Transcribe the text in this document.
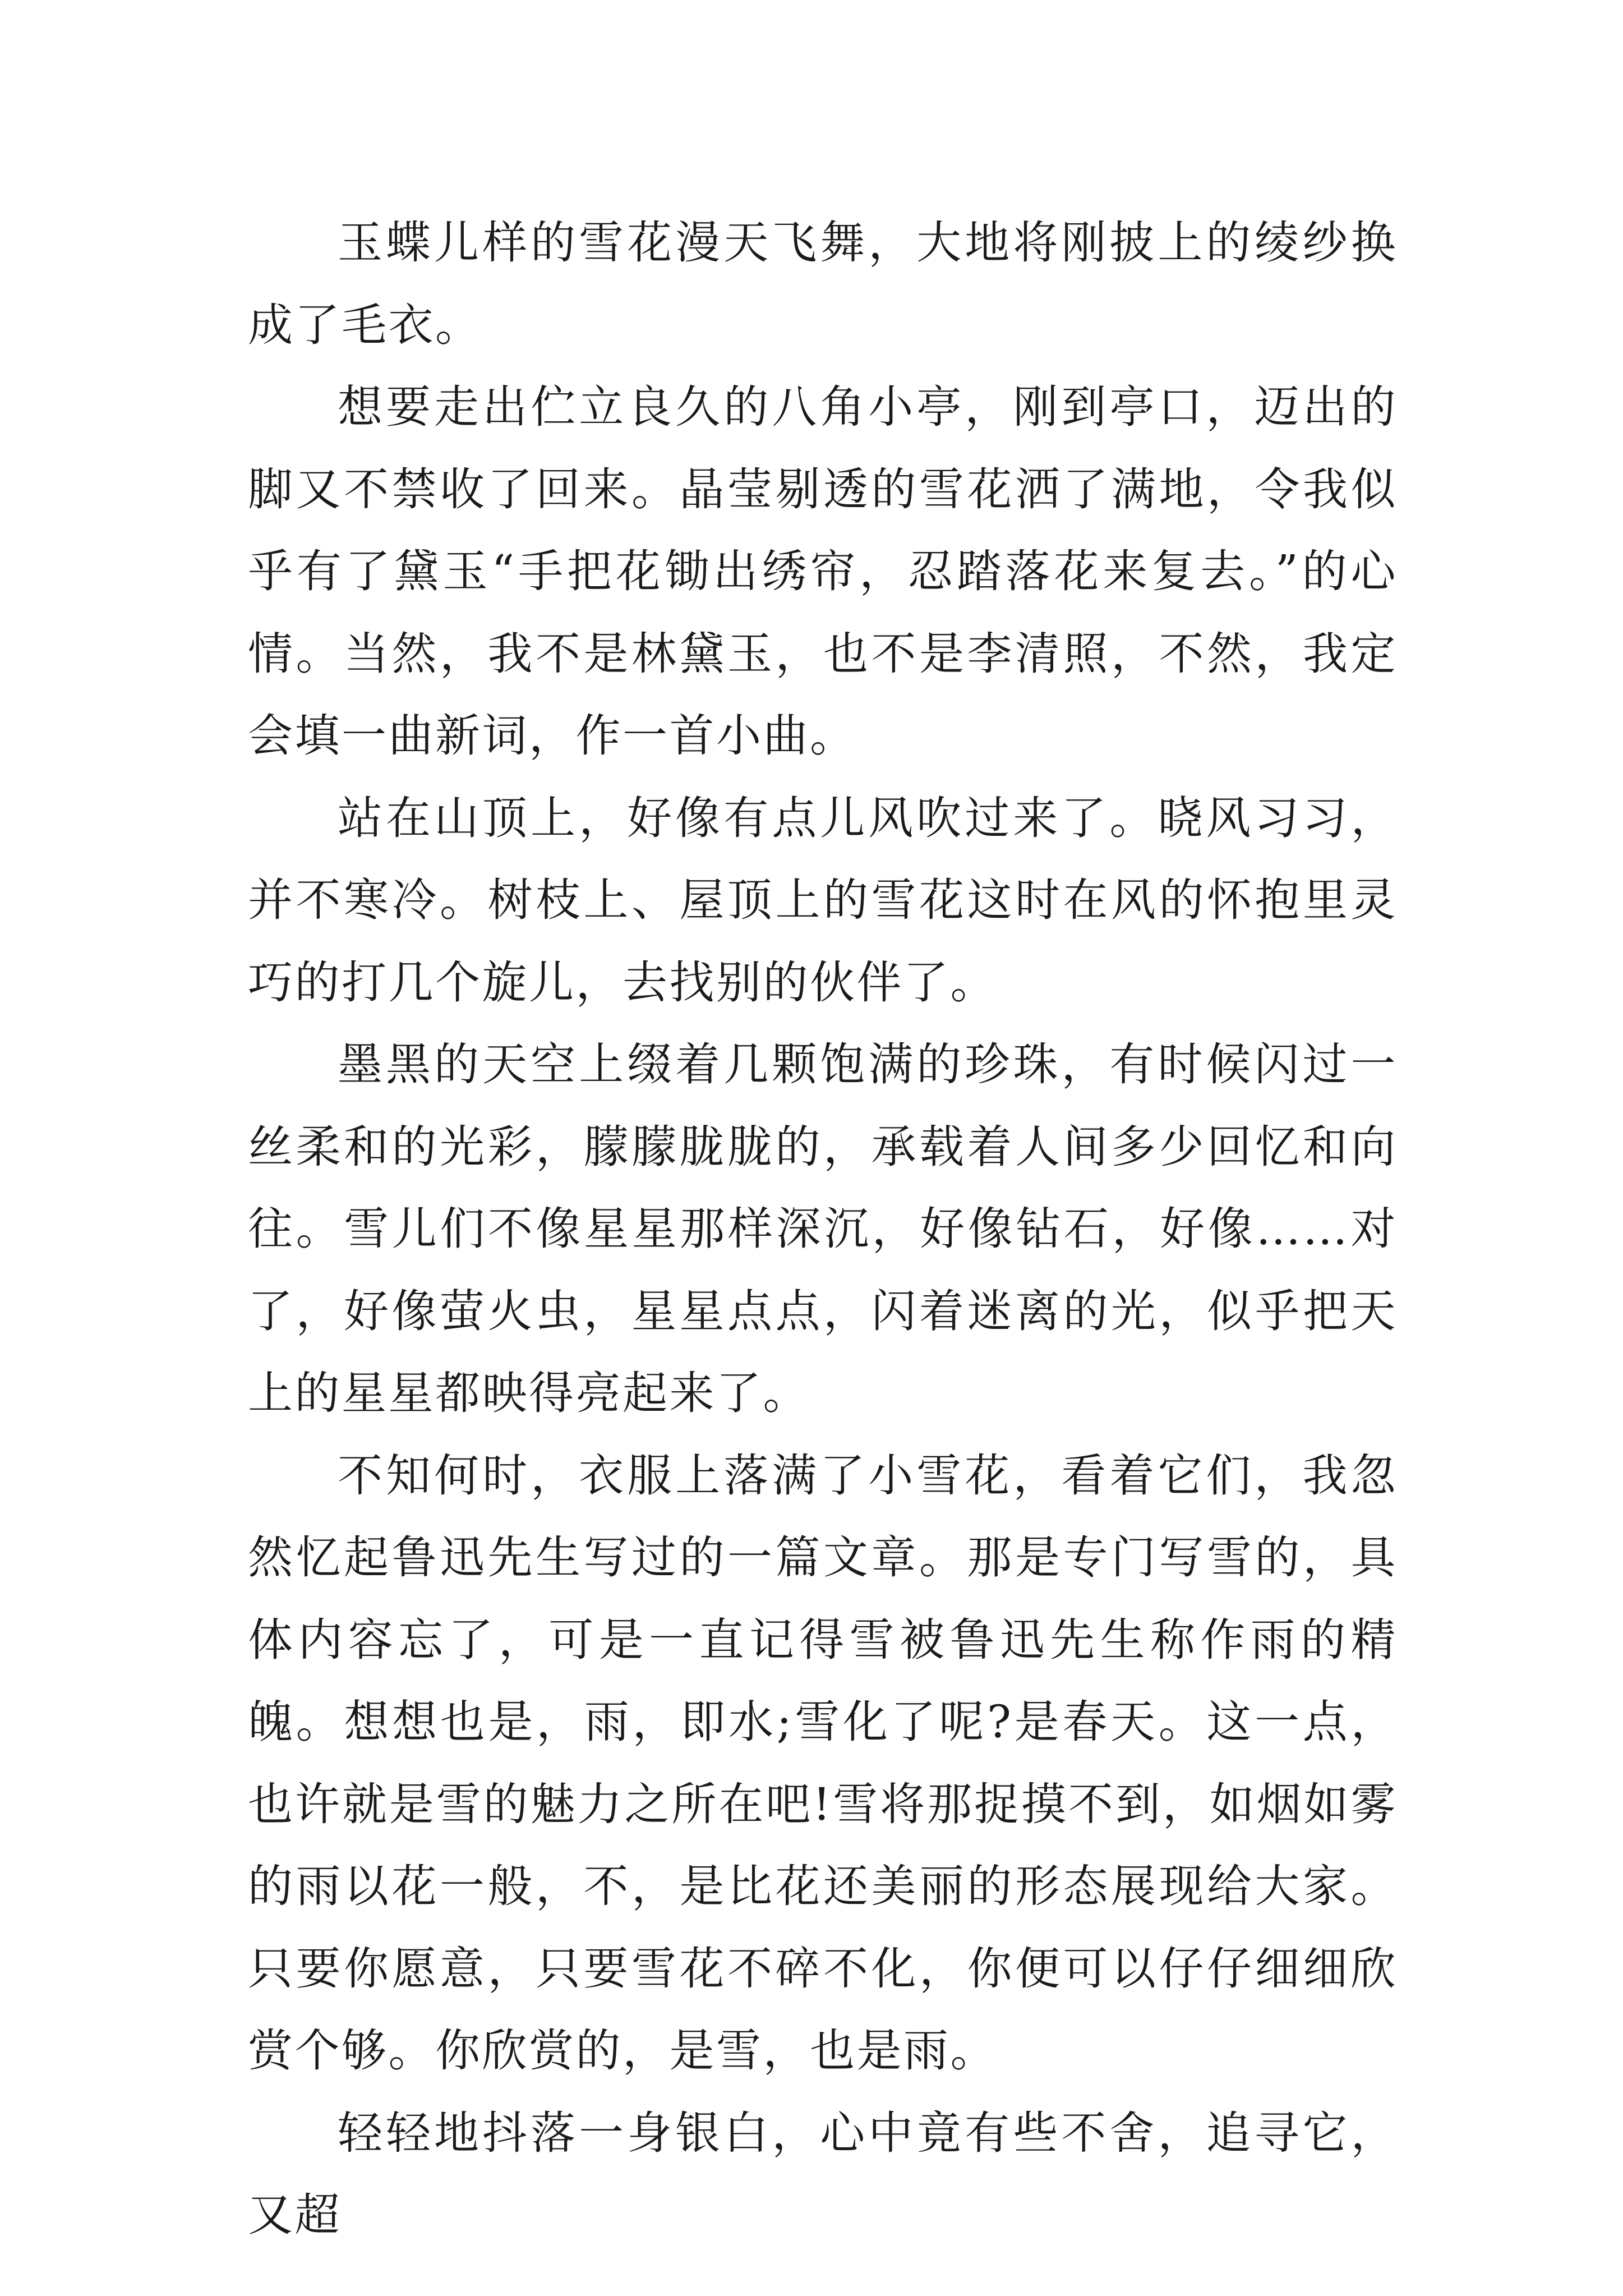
玉蝶儿样的雪花漫天飞舞，大地将刚披上的绫纱换成了毛衣。

想要走出伫立良久的八角小亭，刚到亭口，迈出的脚又不禁收了回来。晶莹剔透的雪花洒了满地，令我似乎有了黛玉“手把花锄出绣帘，忍踏落花来复去。”的心情。当然，我不是林黛玉，也不是李清照，不然，我定会填一曲新词，作一首小曲。

站在山顶上，好像有点儿风吹过来了。晓风习习，并不寒冷。树枝上、屋顶上的雪花这时在风的怀抱里灵巧的打几个旋儿，去找别的伙伴了。

墨黑的天空上缀着几颗饱满的珍珠，有时候闪过一丝柔和的光彩，朦朦胧胧的，承载着人间多少回忆和向往。雪儿们不像星星那样深沉，好像钻石，好像……对了，好像萤火虫，星星点点，闪着迷离的光，似乎把天上的星星都映得亮起来了。

不知何时，衣服上落满了小雪花，看着它们，我忽然忆起鲁迅先生写过的一篇文章。那是专门写雪的，具体内容忘了，可是一直记得雪被鲁迅先生称作雨的精魄。想想也是，雨，即水;雪化了呢?是春天。这一点，也许就是雪的魅力之所在吧!雪将那捉摸不到，如烟如雾的雨以花一般，不，是比花还美丽的形态展现给大家。只要你愿意，只要雪花不碎不化，你便可以仔仔细细欣赏个够。你欣赏的，是雪，也是雨。

轻轻地抖落一身银白，心中竟有些不舍，追寻它，又超
